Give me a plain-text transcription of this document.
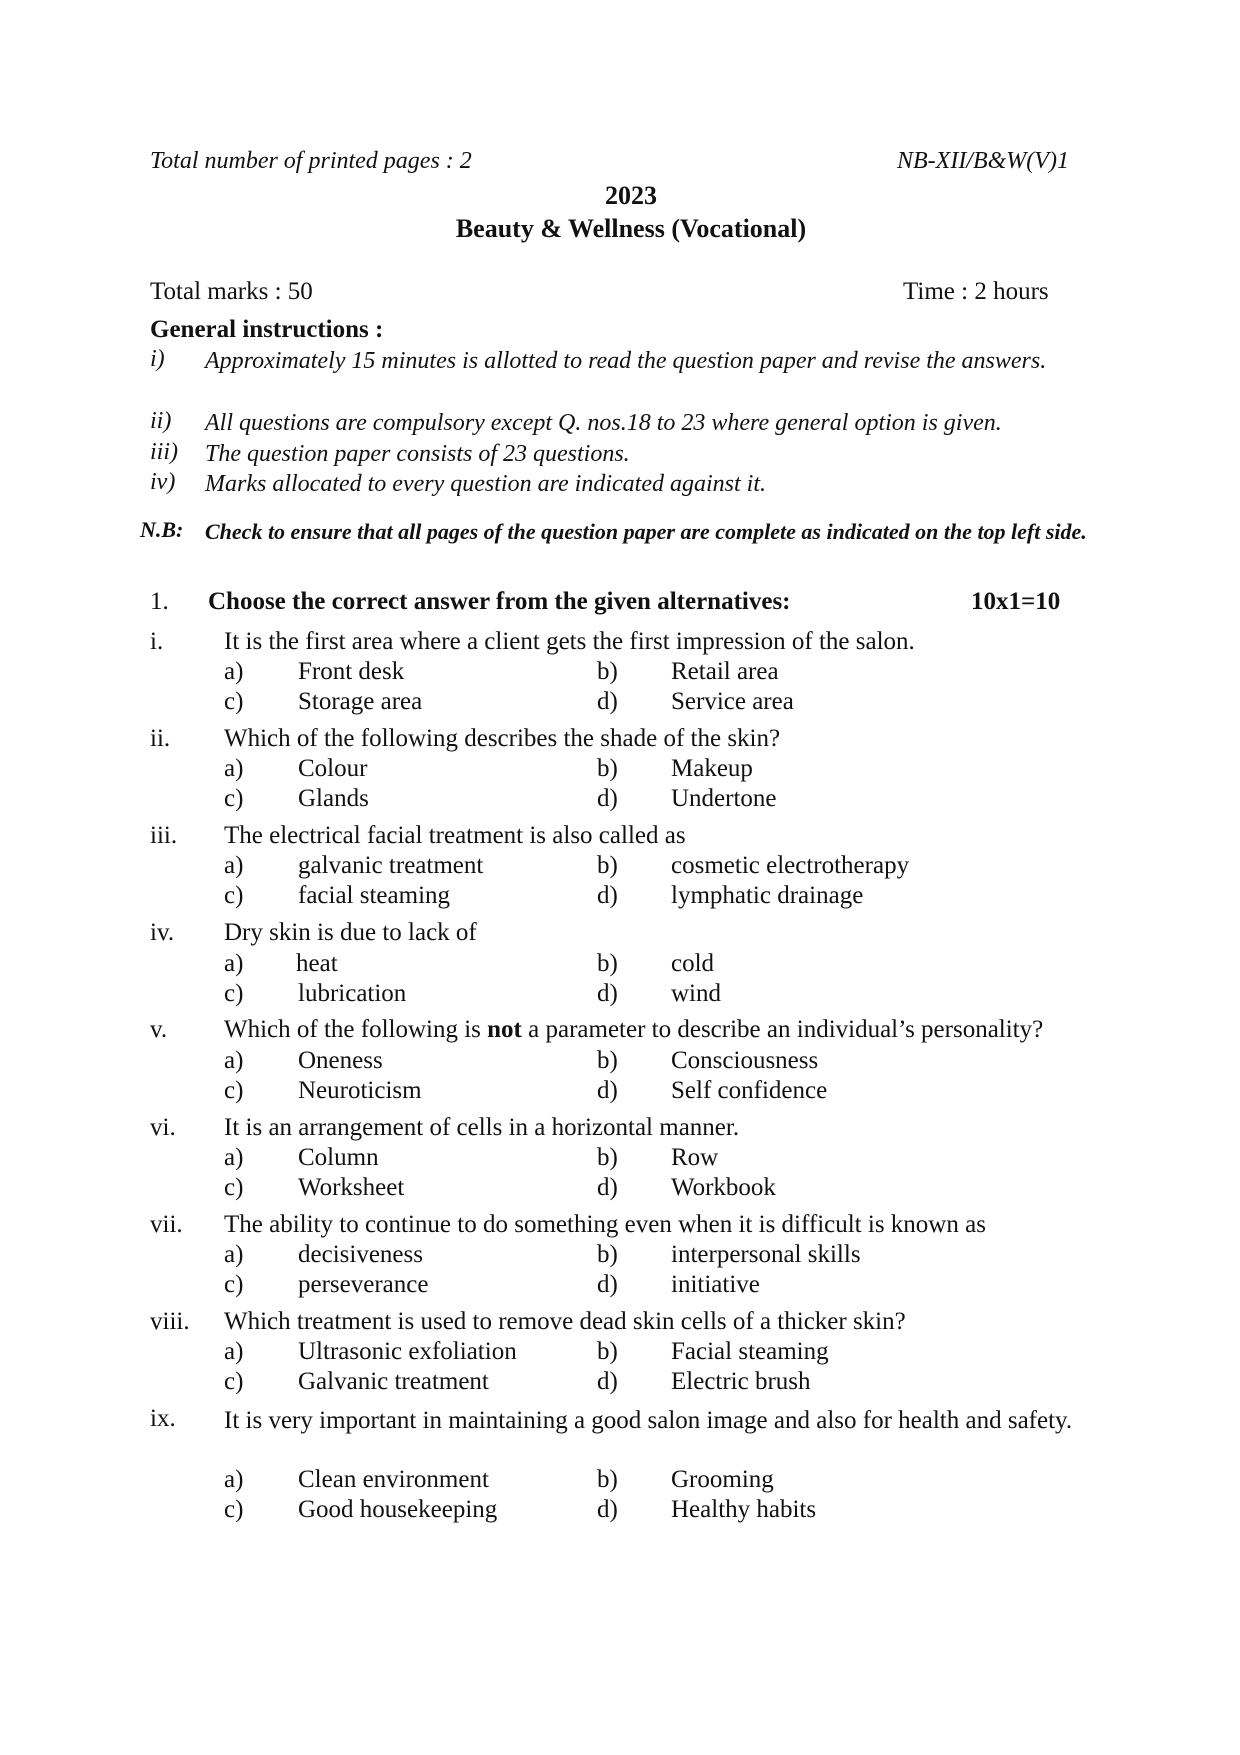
Total number of printed pages : 2	NB-XII/B&W(V)1
2023
Beauty & Wellness (Vocational)
Total marks : 50	Time : 2 hours
General instructions :
i) Approximately 15 minutes is allotted to read the question paper and revise the answers.
ii) All questions are compulsory except Q. nos.18 to 23 where general option is given.
iii) The question paper consists of 23 questions.
iv) Marks allocated to every question are indicated against it.
N.B: Check to ensure that all pages of the question paper are complete as indicated on the top left side.
1. Choose the correct answer from the given alternatives:	10x1=10
i. It is the first area where a client gets the first impression of the salon.
a) Front desk	b) Retail area
c) Storage area	d) Service area
ii. Which of the following describes the shade of the skin?
a) Colour	b) Makeup
c) Glands	d) Undertone
iii. The electrical facial treatment is also called as
a) galvanic treatment	b) cosmetic electrotherapy
c) facial steaming	d) lymphatic drainage
iv. Dry skin is due to lack of
a) heat	b) cold
c) lubrication	d) wind
v. Which of the following is not a parameter to describe an individual’s personality?
a) Oneness	b) Consciousness
c) Neuroticism	d) Self confidence
vi. It is an arrangement of cells in a horizontal manner.
a) Column	b) Row
c) Worksheet	d) Workbook
vii. The ability to continue to do something even when it is difficult is known as
a) decisiveness	b) interpersonal skills
c) perseverance	d) initiative
viii. Which treatment is used to remove dead skin cells of a thicker skin?
a) Ultrasonic exfoliation	b) Facial steaming
c) Galvanic treatment	d) Electric brush
ix. It is very important in maintaining a good salon image and also for health and safety.
a) Clean environment	b) Grooming
c) Good housekeeping	d) Healthy habits
